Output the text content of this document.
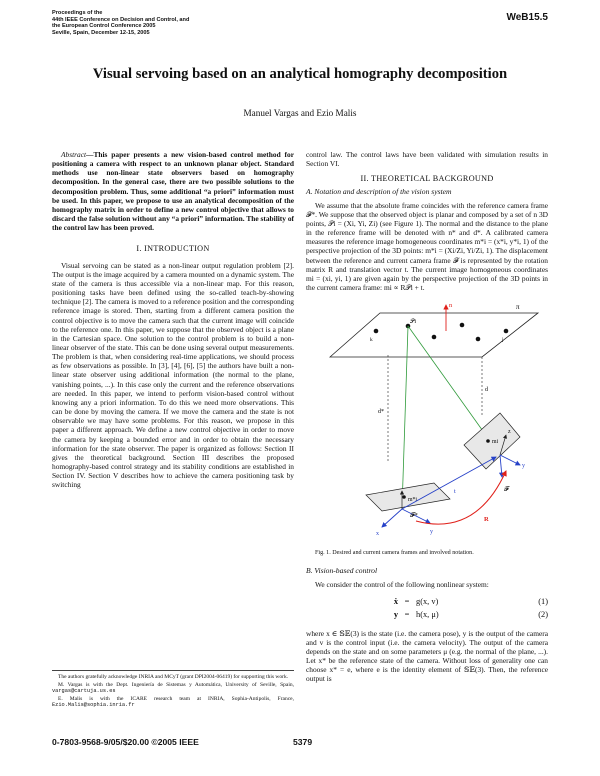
Proceedings of the
44th IEEE Conference on Decision and Control, and
the European Control Conference 2005
Seville, Spain, December 12-15, 2005
WeB15.5
Visual servoing based on an analytical homography decomposition
Manuel Vargas and Ezio Malis

Abstract—This paper presents a new vision-based control method for positioning a camera with respect to an unknown planar object. Standard methods use non-linear state observers based on homography decomposition. In the general case, there are two possible solutions to the decomposition problem. Thus, some additional “a priori” information must be used. In this paper, we propose to use an analytical decomposition of the homography matrix in order to define a new control objective that allows to discard the false solution without any “a priori” information. The stability of the control law has been proved.

I. INTRODUCTION

Visual servoing can be stated as a non-linear output regulation problem [2]. The output is the image acquired by a camera mounted on a dynamic system. The state of the camera is thus accessible via a non-linear map. For this reason, positioning tasks have been defined using the so-called teach-by-showing technique [2]. The camera is moved to a reference position and the corresponding reference image is stored. Then, starting from a different camera position the control objective is to move the camera such that the current image will coincide to the reference one. In this paper, we suppose that the observed object is a plane in the Cartesian space. One solution to the control problem is to build a non-linear observer of the state. This can be done using several output measurements. The problem is that, when considering real-time applications, we should process as few observations as possible. In [3], [4], [6], [5] the authors have built a non-linear state observer using additional information (the normal to the plane, vanishing points, ...). In this case only the current and the reference observations are needed. In this paper, we intend to perform vision-based control without knowing any a priori information. To do this we need more observations. This can be done by moving the camera. If we move the camera and the state is not observable we may have some problems. For this reason, we propose in this paper a different approach. We define a new control objective in order to move the camera by keeping a bounded error and in order to obtain the necessary information for the state observer. The paper is organized as follows: Section II gives the theoretical background. Section III describes the proposed homography-based control strategy and its stability conditions are established in Section IV. Section V describes how to achieve the camera positioning task by switching

control law. The control laws have been validated with simulation results in Section VI.

II. THEORETICAL BACKGROUND
A. Notation and description of the vision system

We assume that the absolute frame coincides with the reference camera frame 𝓕*. We suppose that the observed object is planar and composed by a set of n 3D points, 𝒫i = (Xi, Yi, Zi) (see Figure 1). The normal and the distance to the plane in the reference frame will be denoted with n* and d*. A calibrated camera measures the reference image homogeneous coordinates m*i = (x*i, y*i, 1) of the perspective projection of the 3D points: m*i = (Xi/Zi, Yi/Zi, 1). The displacement between the reference and current camera frame 𝓕 is represented by the rotation matrix R and translation vector t. The current image homogeneous coordinates mi = (xi, yi, 1) are given again by the perspective projection of the 3D points in the current camera frame: mi ∝ R𝒫i + t.

π
n
𝒫i
k	j
d*
d
mi
m*i
x	y
𝓕*
y
z
𝓕
t
R

Fig. 1. Desired and current camera frames and involved notation.

B. Vision-based control

We consider the control of the following nonlinear system:

ẋ = g(x, v)	(1)
y = h(x, μ)	(2)

where x ∈ 𝕊𝔼(3) is the state (i.e. the camera pose), y is the output of the camera and v is the control input (i.e. the camera velocity). The output of the camera depends on the state and on some parameters μ (e.g. the normal of the plane, ...). Let x* be the reference state of the camera. Without loss of generality one can choose x* = e, where e is the identity element of 𝕊𝔼(3). Then, the reference output is

The authors gratefully acknowledge INRIA and MCyT (grant DPI2004-06419) for supporting this work.

M. Vargas is with the Dept. Ingeniería de Sistemas y Automática, University of Seville, Spain, vargas@cartuja.us.es

E. Malis is with the ICARE research team at INRIA, Sophia-Antipolis, France, Ezio.Malis@sophia.inria.fr

0-7803-9568-9/05/$20.00 ©2005 IEEE	5379
